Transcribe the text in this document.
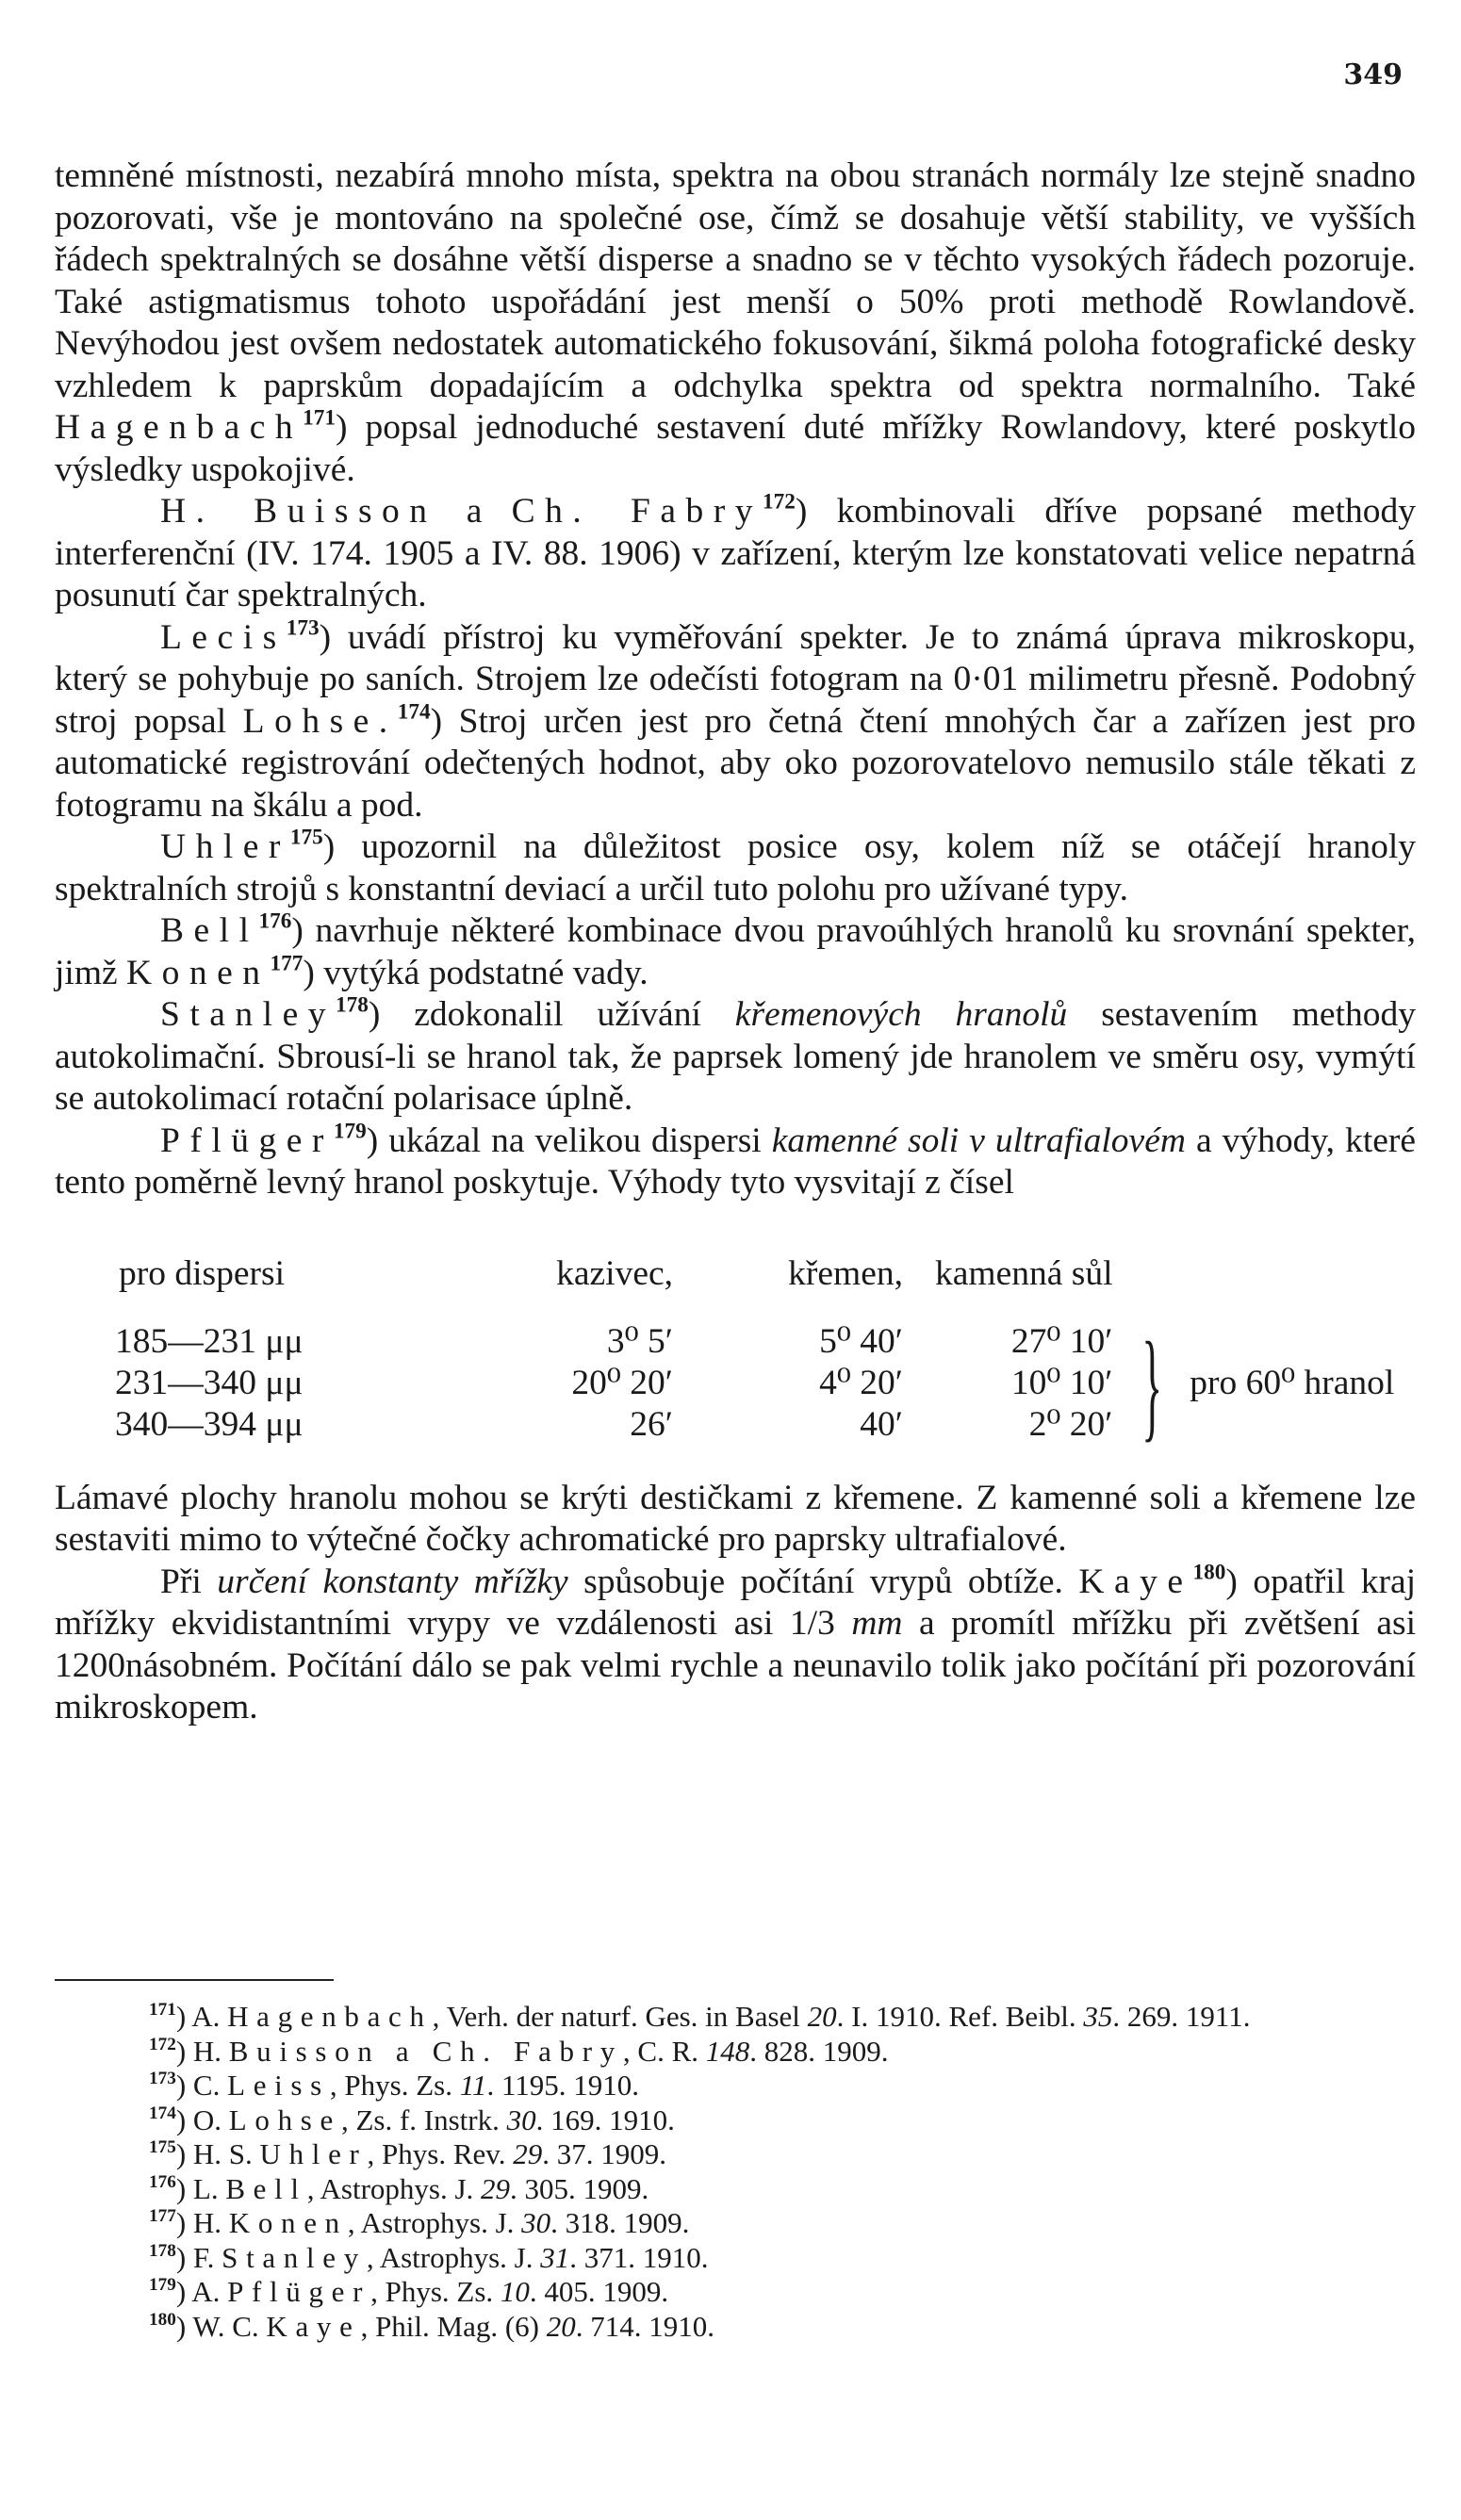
349

temněné místnosti, nezabírá mnoho místa, spektra na obou stranách normály lze stejně snadno pozorovati, vše je montováno na společné ose, čímž se dosahuje větší stability, ve vyšších řádech spektralných se dosáhne větší disperse a snadno se v těchto vysokých řádech pozoruje. Také astigmatismus tohoto uspořádání jest menší o 50% proti methodě Rowlandově. Nevýhodou jest ovšem nedostatek automatického fokusování, šikmá poloha fotografické desky vzhledem k paprskům dopadajícím a odchylka spektra od spektra normalního. Také Hagenbach$^{171}$) popsal jednoduché sestavení duté mřížky Rowlandovy, které poskytlo výsledky uspokojivé.

H. Buisson a Ch. Fabry$^{172}$) kombinovali dříve popsané methody interferenční (IV. 174. 1905 a IV. 88. 1906) v zařízení, kterým lze konstatovati velice nepatrná posunutí čar spektralných.

Lecis$^{173}$) uvádí přístroj ku vyměřování spekter. Je to známá úprava mikroskopu, který se pohybuje po saních. Strojem lze odečísti fotogram na 0·01 milimetru přesně. Podobný stroj popsal Lohse.$^{174}$) Stroj určen jest pro četná čtení mnohých čar a zařízen jest pro automatické registrování odečtených hodnot, aby oko pozorovatelovo nemusilo stále těkati z fotogramu na škálu a pod.

Uhler$^{175}$) upozornil na důležitost posice osy, kolem níž se otáčejí hranoly spektralních strojů s konstantní deviací a určil tuto polohu pro užívané typy.

Bell$^{176}$) navrhuje některé kombinace dvou pravoúhlých hranolů ku srovnání spekter, jimž Konen$^{177}$) vytýká podstatné vady.

Stanley$^{178}$) zdokonalil užívání křemenových hranolů sestavením methody autokolimační. Sbrousí-li se hranol tak, že paprsek lomený jde hranolem ve směru osy, vymýtí se autokolimací rotační polarisace úplně.

Pflüger$^{179}$) ukázal na velikou dispersi kamenné soli v ultrafialovém a výhody, které tento poměrně levný hranol poskytuje. Výhody tyto vysvitají z čísel

pro dispersi	kazivec,	křemen,	kamenná sůl	
185—231 μμ	3⁰ 5′	5⁰ 40′	27⁰ 10′	} pro 60⁰ hranol
231—340 μμ	20⁰ 20′	4⁰ 20′	10⁰ 10′	
340—394 μμ	26′	40′	2⁰ 20′	

Lámavé plochy hranolu mohou se krýti destičkami z křemene. Z kamenné soli a křemene lze sestaviti mimo to výtečné čočky achromatické pro paprsky ultrafialové.

Při určení konstanty mřížky spůsobuje počítání vrypů obtíže. Kaye$^{180}$) opatřil kraj mřížky ekvidistantními vrypy ve vzdálenosti asi 1/3 mm a promítl mřížku při zvětšení asi 1200násobném. Počítání dálo se pak velmi rychle a neunavilo tolik jako počítání při pozorování mikroskopem.

$^{171}$) A. Hagenbach, Verh. der naturf. Ges. in Basel 20. I. 1910. Ref. Beibl. 35. 269. 1911.

$^{172}$) H. Buisson a Ch. Fabry, C. R. 148. 828. 1909.

$^{173}$) C. Leiss, Phys. Zs. 11. 1195. 1910.

$^{174}$) O. Lohse, Zs. f. Instrk. 30. 169. 1910.

$^{175}$) H. S. Uhler, Phys. Rev. 29. 37. 1909.

$^{176}$) L. Bell, Astrophys. J. 29. 305. 1909.

$^{177}$) H. Konen, Astrophys. J. 30. 318. 1909.

$^{178}$) F. Stanley, Astrophys. J. 31. 371. 1910.

$^{179}$) A. Pflüger, Phys. Zs. 10. 405. 1909.

$^{180}$) W. C. Kaye, Phil. Mag. (6) 20. 714. 1910.
